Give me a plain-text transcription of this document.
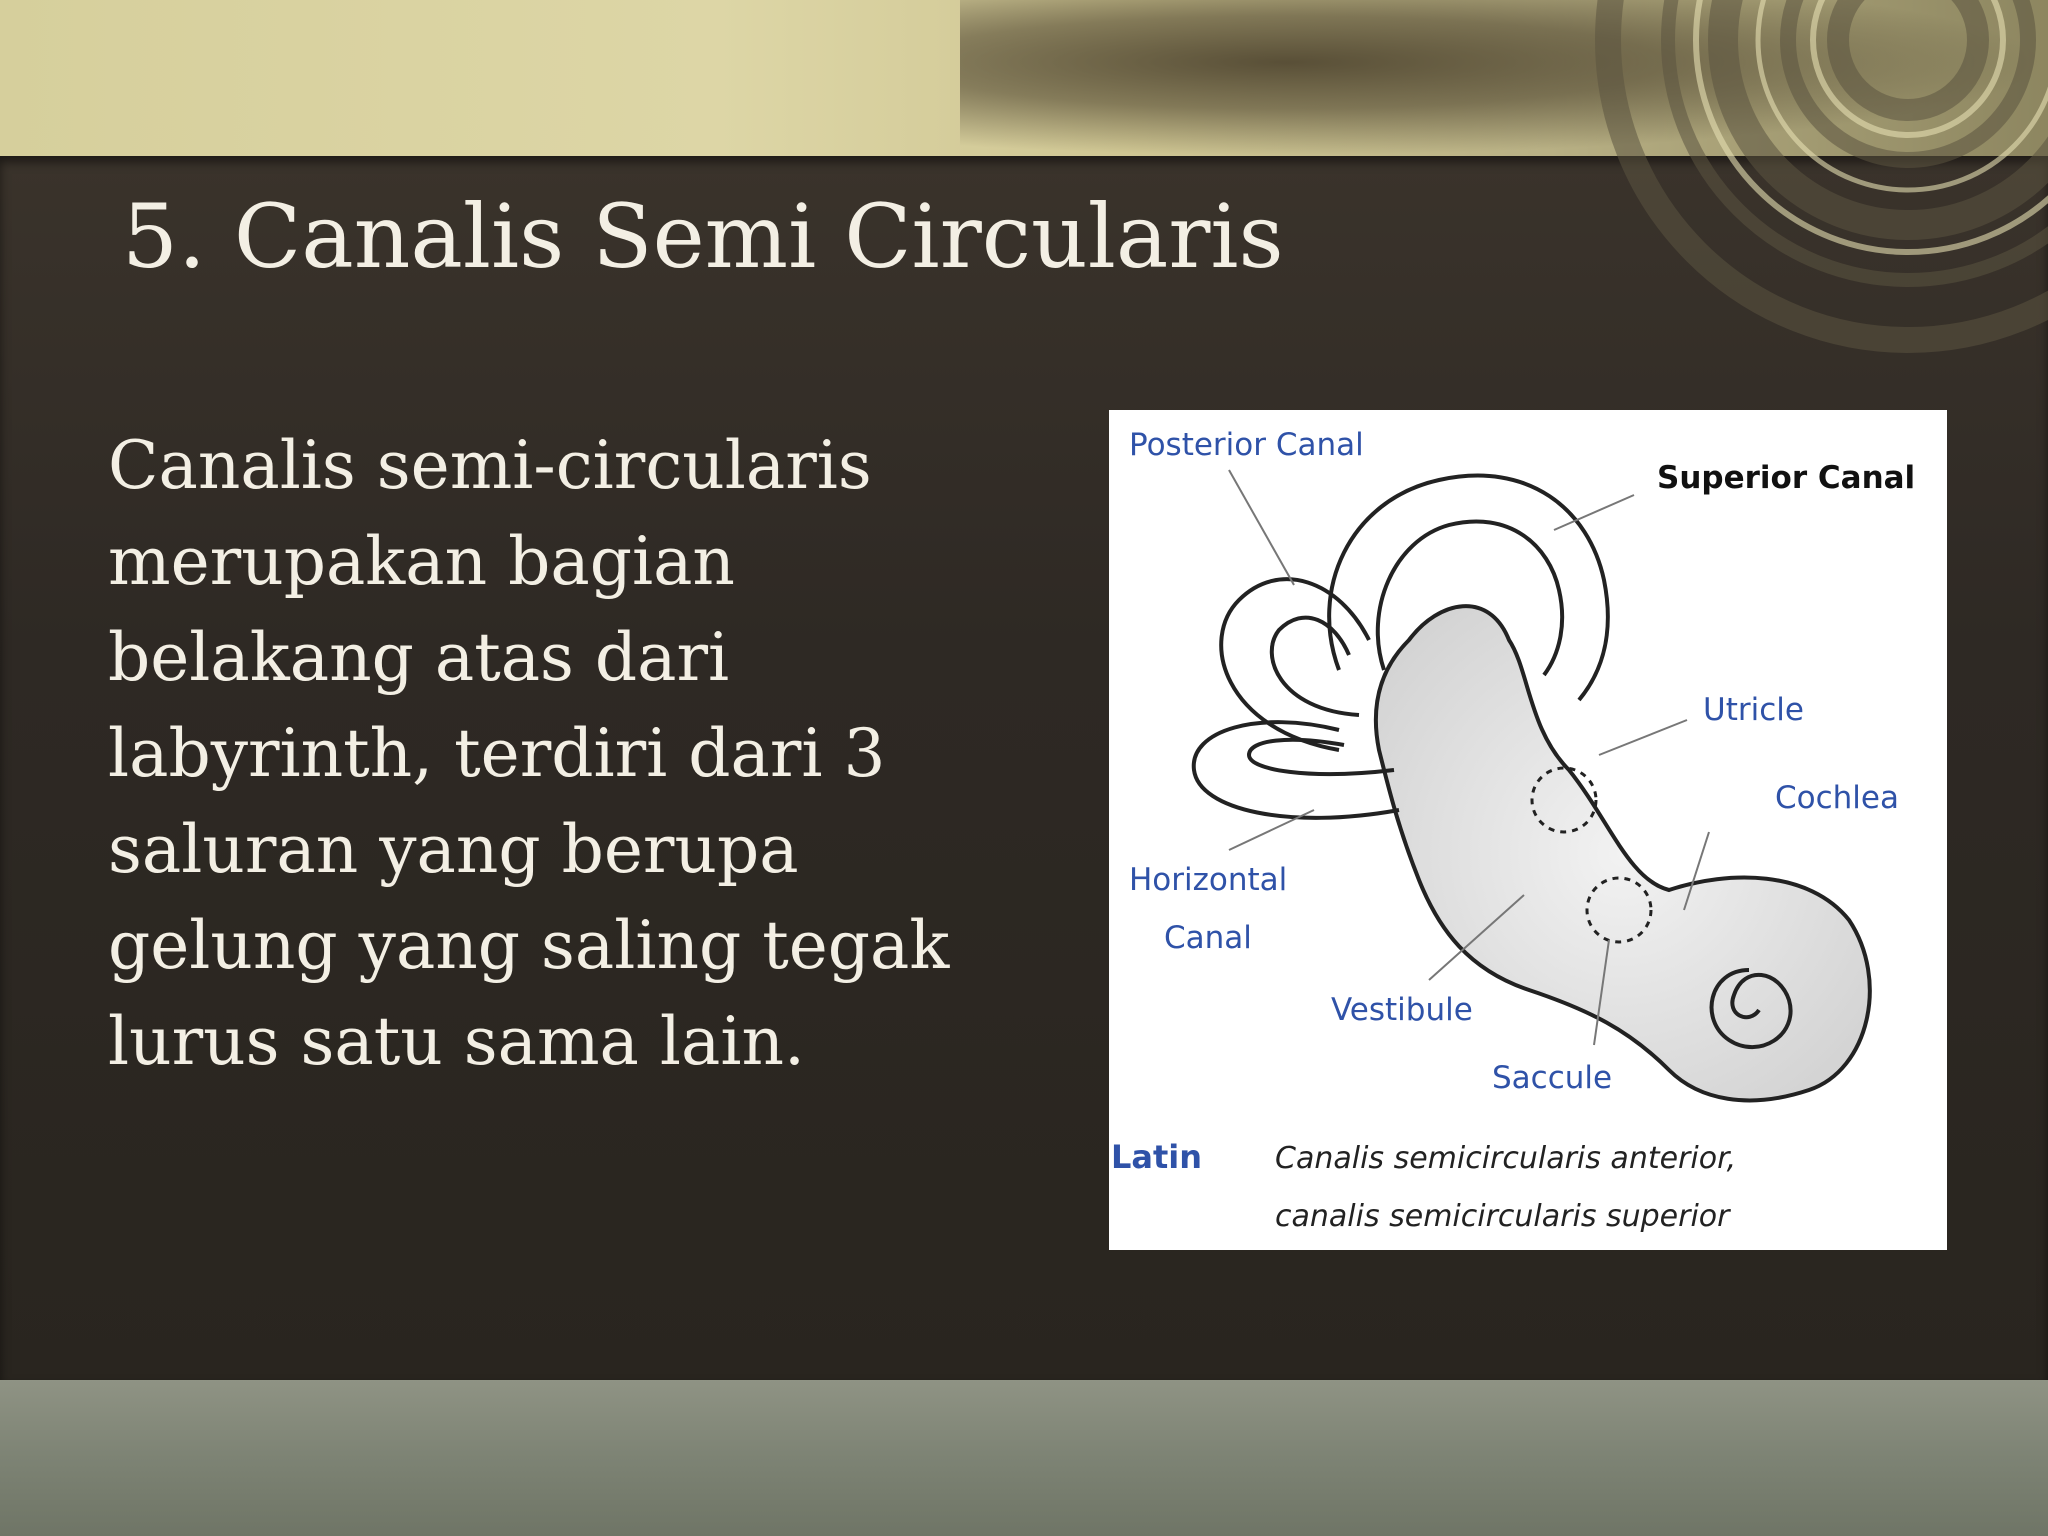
5. Canalis Semi Circularis
Canalis semi-circularis
merupakan bagian
belakang atas dari
labyrinth, terdiri dari 3
saluran yang berupa
gelung yang saling tegak
lurus satu sama lain.
Posterior Canal
Superior Canal
Utricle
Cochlea
Horizontal
Canal
Vestibule
Saccule
Latin Canalis semicircularis anterior,
canalis semicircularis superior
